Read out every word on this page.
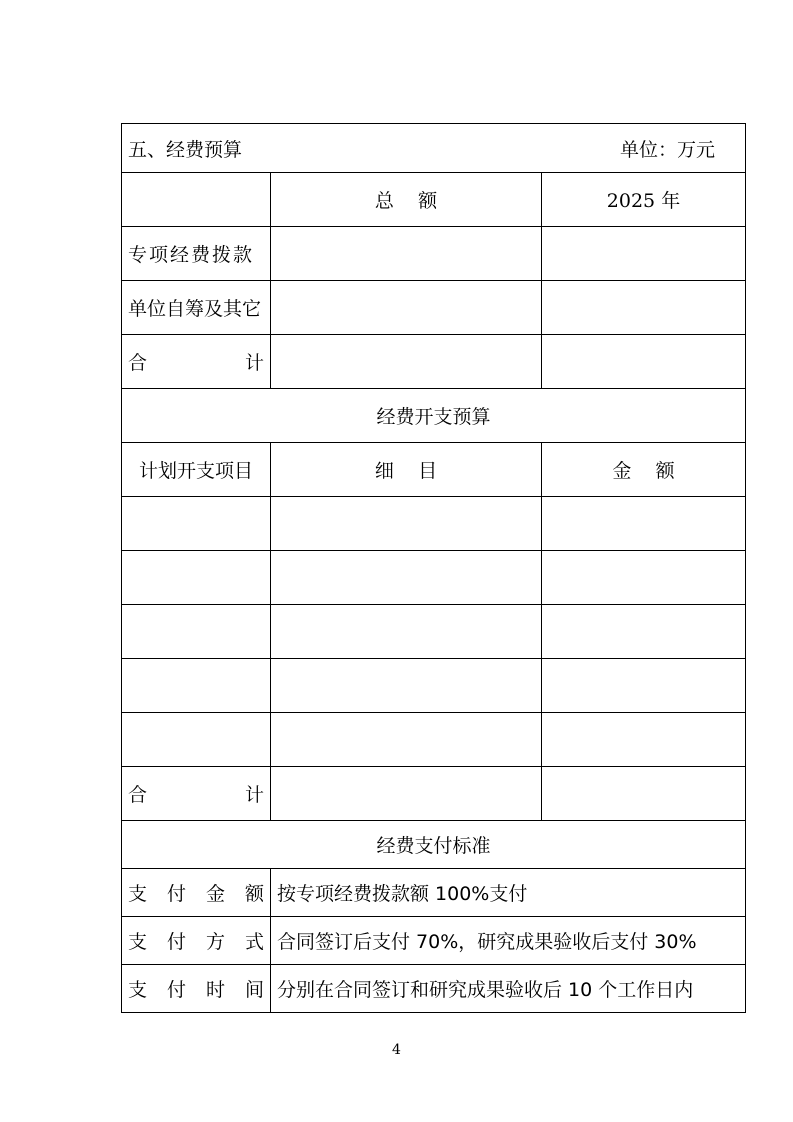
五、经费预算 单位：万元		

	总    额	2025 年
专项经费拨款		
单位自筹及其它		

合 计		

经费开支预算		
计划开支项目	细    目	金    额

合 计		

经费支付标准		

支 付 金 额	按专项经费拨款额 100%支付	

支 付 方 式	合同签订后支付 70%，研究成果验收后支付 30%	

支 付 时 间	分别在合同签订和研究成果验收后 10 个工作日内	
4
